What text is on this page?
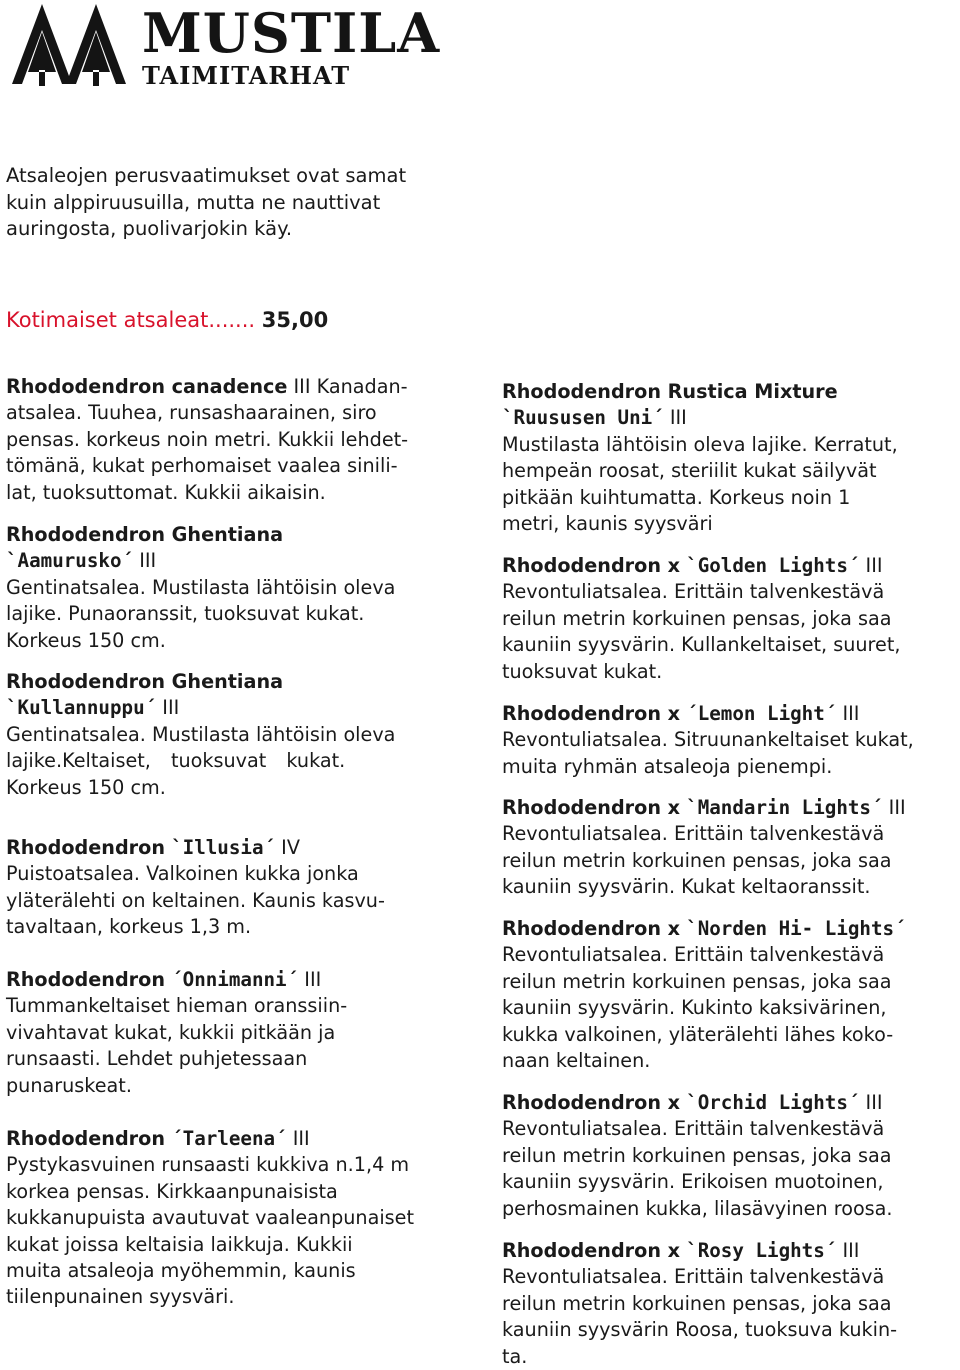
MUSTILA
TAIMITARHAT

Atsaleojen perusvaatimukset ovat samat

kuin alppiruusuilla, mutta ne nauttivat

auringosta, puolivarjokin käy.

Kotimaiset atsaleat....... 35,00

Rhododendron canadence III Kanadan-

atsalea. Tuuhea, runsashaarainen, siro

pensas. korkeus noin metri. Kukkii lehdet-

tömänä, kukat perhomaiset vaalea sinili-

lat, tuoksuttomat. Kukkii aikaisin.

Rhododendron Ghentiana

`Aamurusko´ III

Gentinatsalea. Mustilasta lähtöisin oleva

lajike. Punaoranssit, tuoksuvat kukat.

Korkeus 150 cm.

Rhododendron Ghentiana

`Kullannuppu´ III

Gentinatsalea. Mustilasta lähtöisin oleva

lajike.Keltaiset, tuoksuvat kukat.

Korkeus 150 cm.

Rhododendron `Illusia´ IV

Puistoatsalea. Valkoinen kukka jonka

yläterälehti on keltainen. Kaunis kasvu-

tavaltaan, korkeus 1,3 m.

Rhododendron ´Onnimanni´ III

Tummankeltaiset hieman oranssiin-

vivahtavat kukat, kukkii pitkään ja

runsaasti. Lehdet puhjetessaan

punaruskeat.

Rhododendron ´Tarleena´ III

Pystykasvuinen runsaasti kukkiva n.1,4 m

korkea pensas. Kirkkaanpunaisista

kukkanupuista avautuvat vaaleanpunaiset

kukat joissa keltaisia laikkuja. Kukkii

muita atsaleoja myöhemmin, kaunis

tiilenpunainen syysväri.

Rhododendron Rustica Mixture

`Ruususen Uni´ III

Mustilasta lähtöisin oleva lajike. Kerratut,

hempeän roosat, steriilit kukat säilyvät

pitkään kuihtumatta. Korkeus noin 1

metri, kaunis syysväri

Rhododendron x `Golden Lights´ III

Revontuliatsalea. Erittäin talvenkestävä

reilun metrin korkuinen pensas, joka saa

kauniin syysvärin. Kullankeltaiset, suuret,

tuoksuvat kukat.

Rhododendron x ´Lemon Light´ III

Revontuliatsalea. Sitruunankeltaiset kukat,

muita ryhmän atsaleoja pienempi.

Rhododendron x `Mandarin Lights´ III

Revontuliatsalea. Erittäin talvenkestävä

reilun metrin korkuinen pensas, joka saa

kauniin syysvärin. Kukat keltaoranssit.

Rhododendron x `Norden Hi- Lights´

Revontuliatsalea. Erittäin talvenkestävä

reilun metrin korkuinen pensas, joka saa

kauniin syysvärin. Kukinto kaksivärinen,

kukka valkoinen, yläterälehti lähes koko-

naan keltainen.

Rhododendron x `Orchid Lights´ III

Revontuliatsalea. Erittäin talvenkestävä

reilun metrin korkuinen pensas, joka saa

kauniin syysvärin. Erikoisen muotoinen,

perhosmainen kukka, lilasävyinen roosa.

Rhododendron x `Rosy Lights´ III

Revontuliatsalea. Erittäin talvenkestävä

reilun metrin korkuinen pensas, joka saa

kauniin syysvärin Roosa, tuoksuva kukin-

ta.
